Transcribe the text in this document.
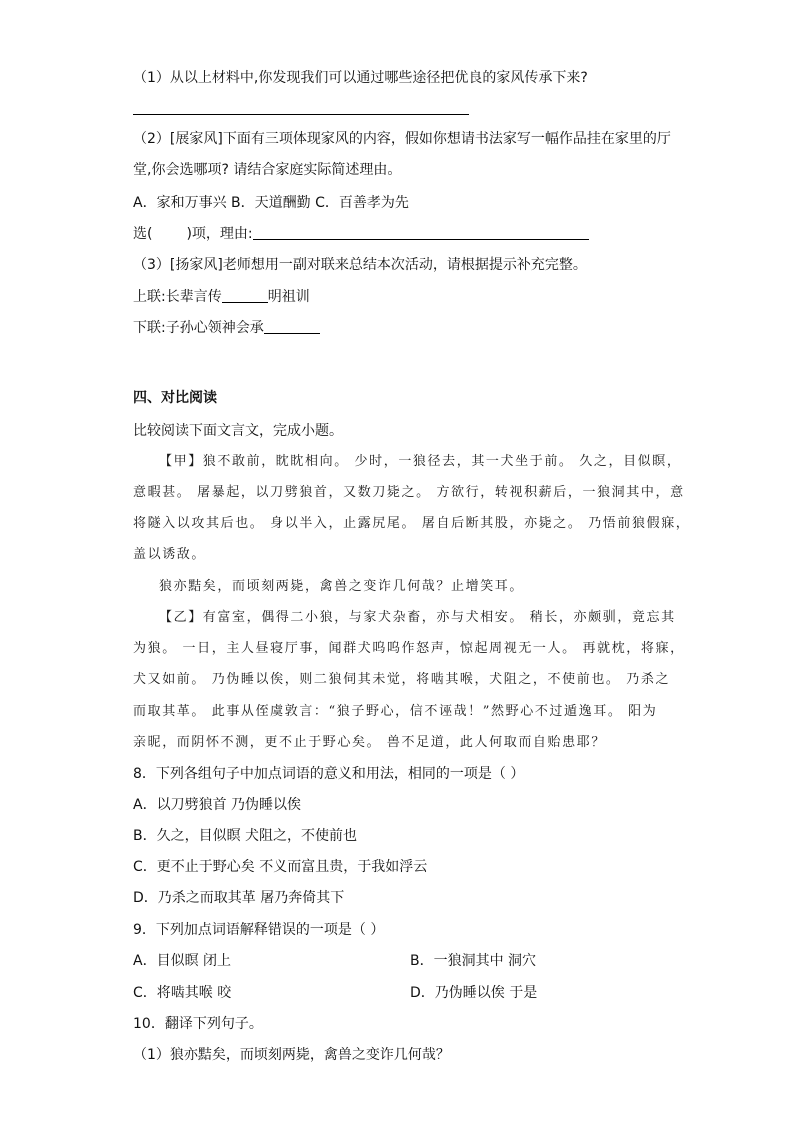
（1）从以上材料中,你发现我们可以通过哪些途径把优良的家风传承下来?
（2）[展家风]下面有三项体现家风的内容，假如你想请书法家写一幅作品挂在家里的厅
堂,你会选哪项? 请结合家庭实际简述理由。
A．家和万事兴 B．天道酬勤 C．百善孝为先
选( )项，理由:
（3）[扬家风]老师想用一副对联来总结本次活动，请根据提示补充完整。
上联:长辈言传	明祖训
下联:子孙心领神会承
四、对比阅读
比较阅读下面文言文，完成小题。
【甲】狼不敢前，眈眈相向。 少时，一狼径去，其一犬坐于前。 久之，目似瞑，
意暇甚。 屠暴起，以刀劈狼首，又数刀毙之。 方欲行，转视积薪后，一狼洞其中，意
将隧入以攻其后也。 身以半入，止露尻尾。 屠自后断其股，亦毙之。 乃悟前狼假寐，
盖以诱敌。
狼亦黠矣，而顷刻两毙，禽兽之变诈几何哉？止增笑耳。
【乙】有富室，偶得二小狼，与家犬杂畜，亦与犬相安。 稍长，亦颇驯，竟忘其
为狼。 一日，主人昼寝厅事，闻群犬呜呜作怒声，惊起周视无一人。 再就枕，将寐，
犬又如前。 乃伪睡以俟，则二狼伺其未觉，将啮其喉，犬阻之，不使前也。 乃杀之
而取其革。 此事从侄虞敦言：“狼子野心，信不诬哉！”然野心不过遁逸耳。 阳为
亲昵，而阴怀不测，更不止于野心矣。 兽不足道，此人何取而自贻患耶？
8．下列各组句子中加点词语的意义和用法，相同的一项是（ ）
A．以刀劈狼首 乃伪睡以俟
B．久之，目似瞑 犬阻之，不使前也
C．更不止于野心矣 不义而富且贵，于我如浮云
D．乃杀之而取其革 屠乃奔倚其下
9．下列加点词语解释错误的一项是（ ）
A．目似瞑 闭上	B．一狼洞其中 洞穴
C．将啮其喉 咬	D．乃伪睡以俟 于是
10．翻译下列句子。
（1）狼亦黠矣，而顷刻两毙，禽兽之变诈几何哉？
